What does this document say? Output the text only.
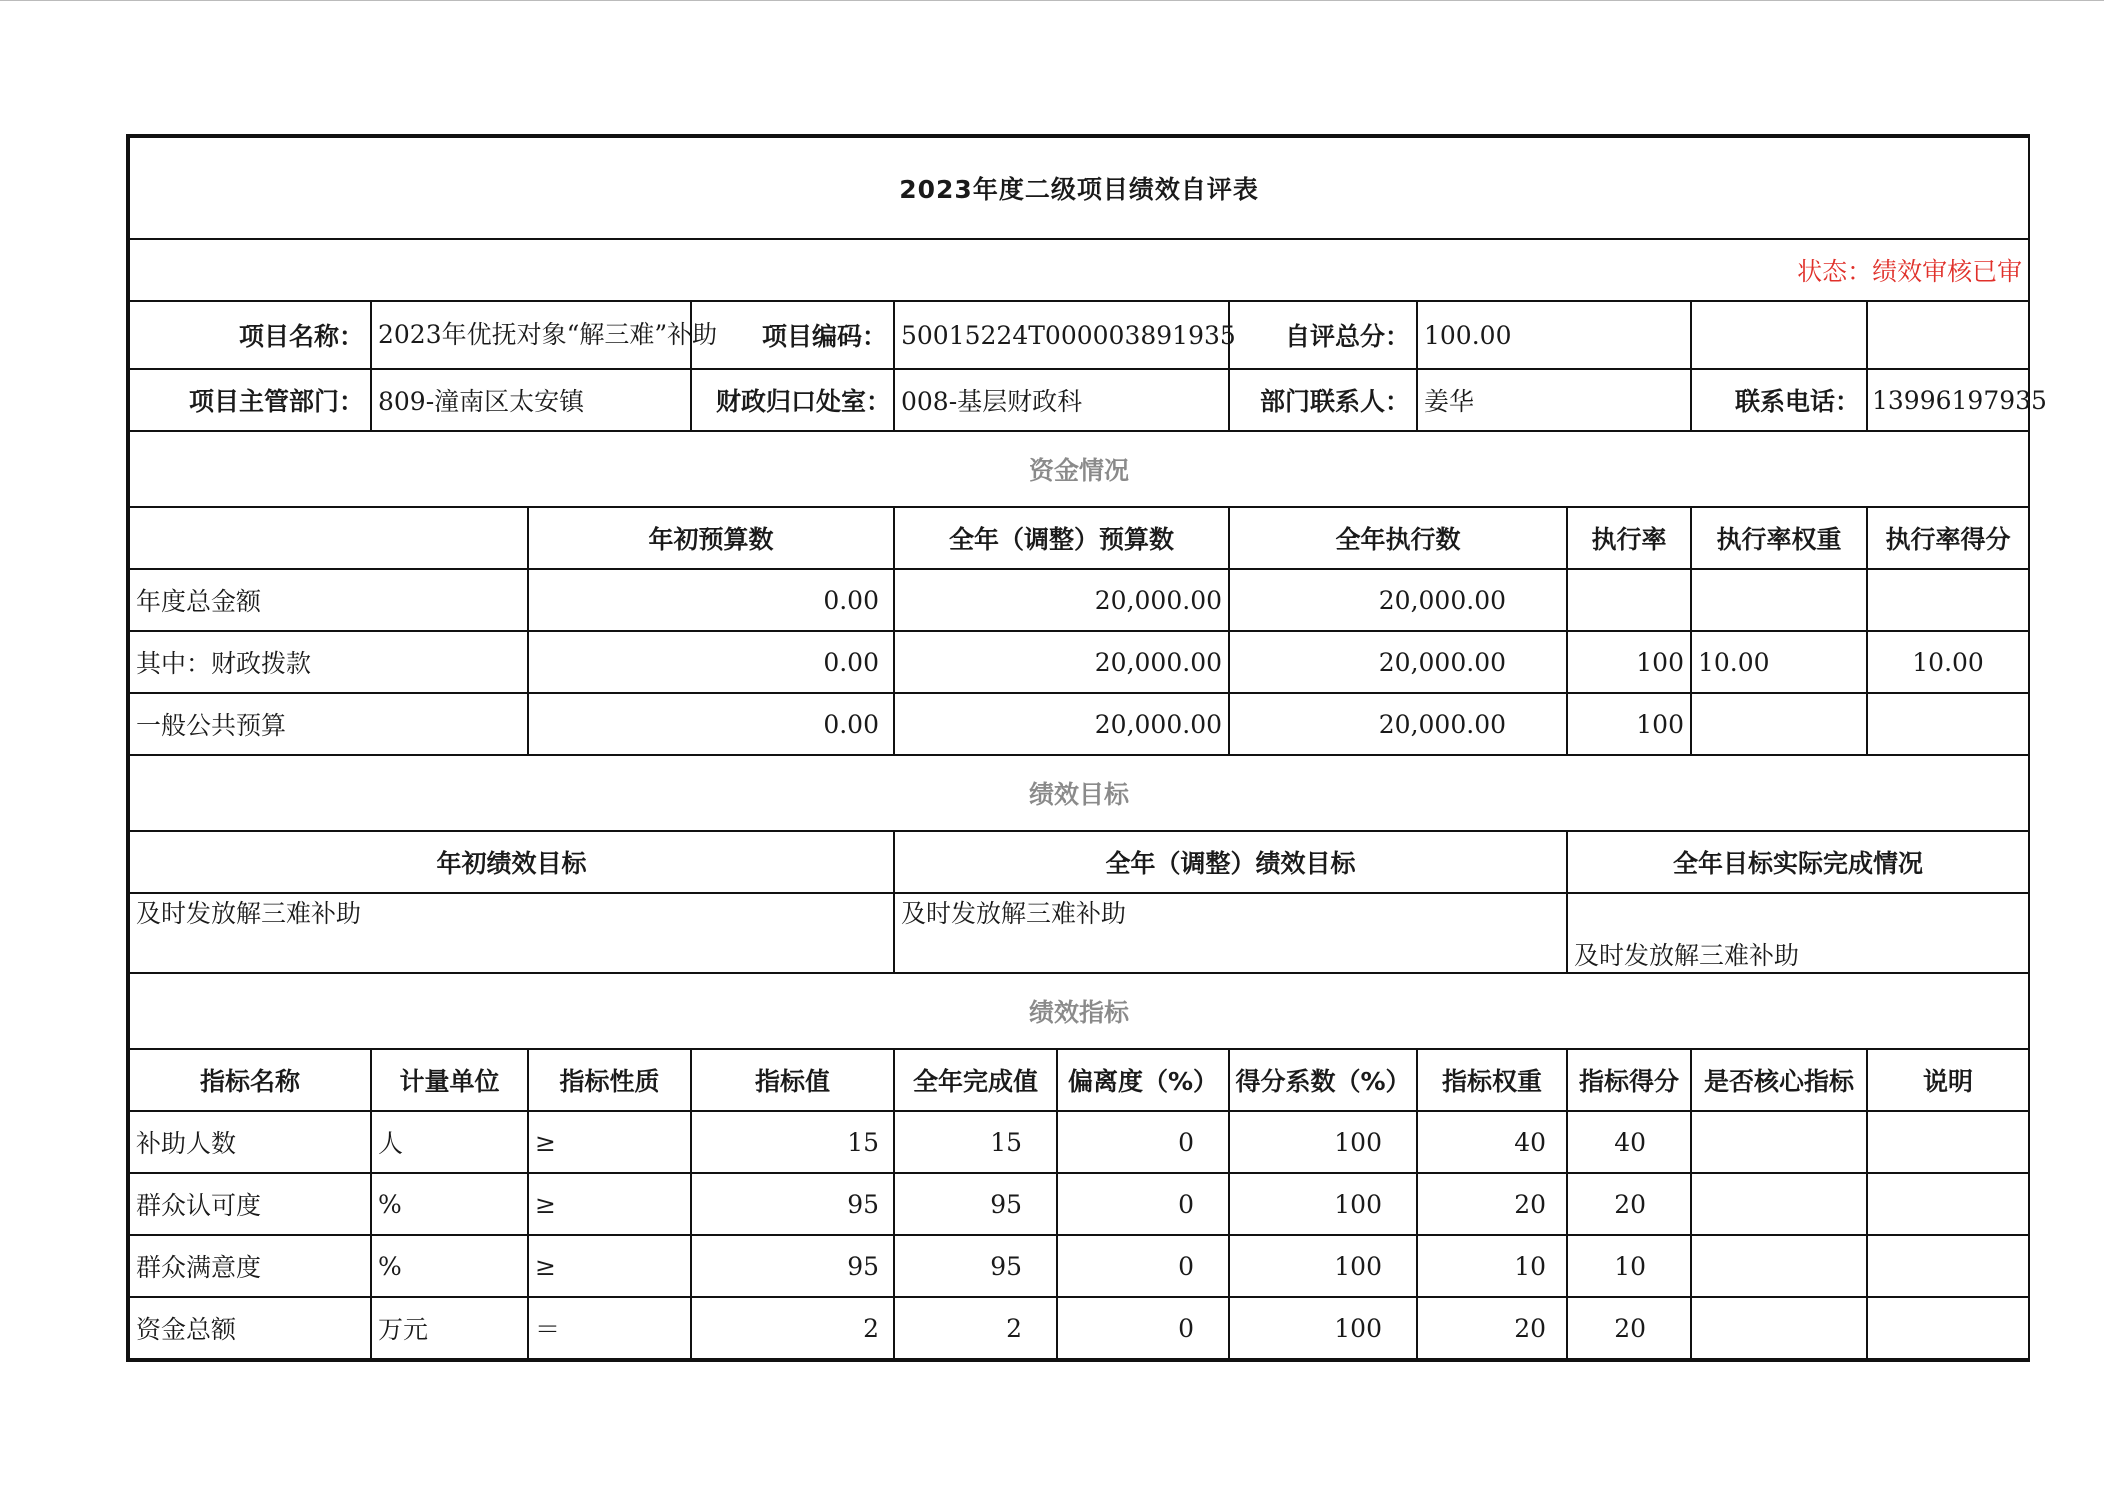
2023年度二级项目绩效自评表										
状态：绩效审核已审										
项目名称：	2023年优抚对象“解三难”补助		项目编码：	50015224T000003891935		自评总分：	100.00			
项目主管部门：	809-潼南区太安镇		财政归口处室：	008-基层财政科		部门联系人：	姜华		联系电话：	13996197935
资金情况										
		年初预算数		全年（调整）预算数		全年执行数		执行率	执行率权重	执行率得分
年度总金额		0.00		20,000.00		20,000.00				
其中：财政拨款		0.00		20,000.00		20,000.00		100	10.00	10.00
一般公共预算		0.00		20,000.00		20,000.00		100		
绩效目标										
年初绩效目标				全年（调整）绩效目标				全年目标实际完成情况		
及时发放解三难补助				及时发放解三难补助				及时发放解三难补助		
绩效指标										
指标名称	计量单位	指标性质	指标值	全年完成值	偏离度（%）	得分系数（%）	指标权重	指标得分	是否核心指标	说明
补助人数	人	≥	15	15	0	100	40	40		
群众认可度	%	≥	95	95	0	100	20	20		
群众满意度	%	≥	95	95	0	100	10	10		
资金总额	万元	＝	2	2	0	100	20	20		
